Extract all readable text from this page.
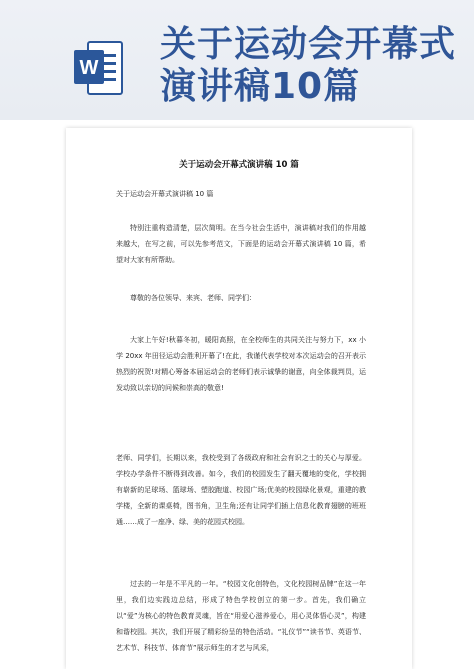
W
关于运动会开幕式
演讲稿10篇
关于运动会开幕式演讲稿 10 篇
关于运动会开幕式演讲稿 10 篇
特别注重构造清楚，层次简明。在当今社会生活中，演讲稿对我们的作用越来越大，在写之前，可以先参考范文，下面是的运动会开幕式演讲稿 10 篇，希望对大家有所帮助。
尊敬的各位领导、来宾、老师、同学们：
大家上午好!秋暮冬初，暖阳高照，在全校师生的共同关注与努力下，xx 小学 20xx 年田径运动会胜利开幕了!在此，我谨代表学校对本次运动会的召开表示热烈的祝贺!对精心筹备本届运动会的老师们表示诚挚的谢意，向全体裁判员，运发动致以亲切的问候和崇高的敬意!
老师、同学们，长期以来，我校受到了各级政府和社会有识之士的关心与厚爱。学校办学条件不断得到改善。如今，我们的校园发生了翻天覆地的变化，学校拥有崭新的足球场、篮球场、塑胶跑道、校园广场;优美的校园绿化景观，重建的教学楼，全新的课桌椅，图书角，卫生角;还有让同学们插上信息化教育翅膀的班班通……成了一座净、绿、美的花园式校园。
过去的一年是不平凡的一年。“校园文化创特色，文化校园树品牌”在这一年里，我们边实践边总结，形成了特色学校创立的第一步。首先，我们确立以“爱”为核心的特色教育灵魂，旨在“用爱心滋养爱心，用心灵体悟心灵”，构建和谐校园。其次，我们开展了精彩纷呈的特色活动。“礼仪节”“读书节、英语节、艺术节、科技节、体育节”展示师生的才艺与风采，
